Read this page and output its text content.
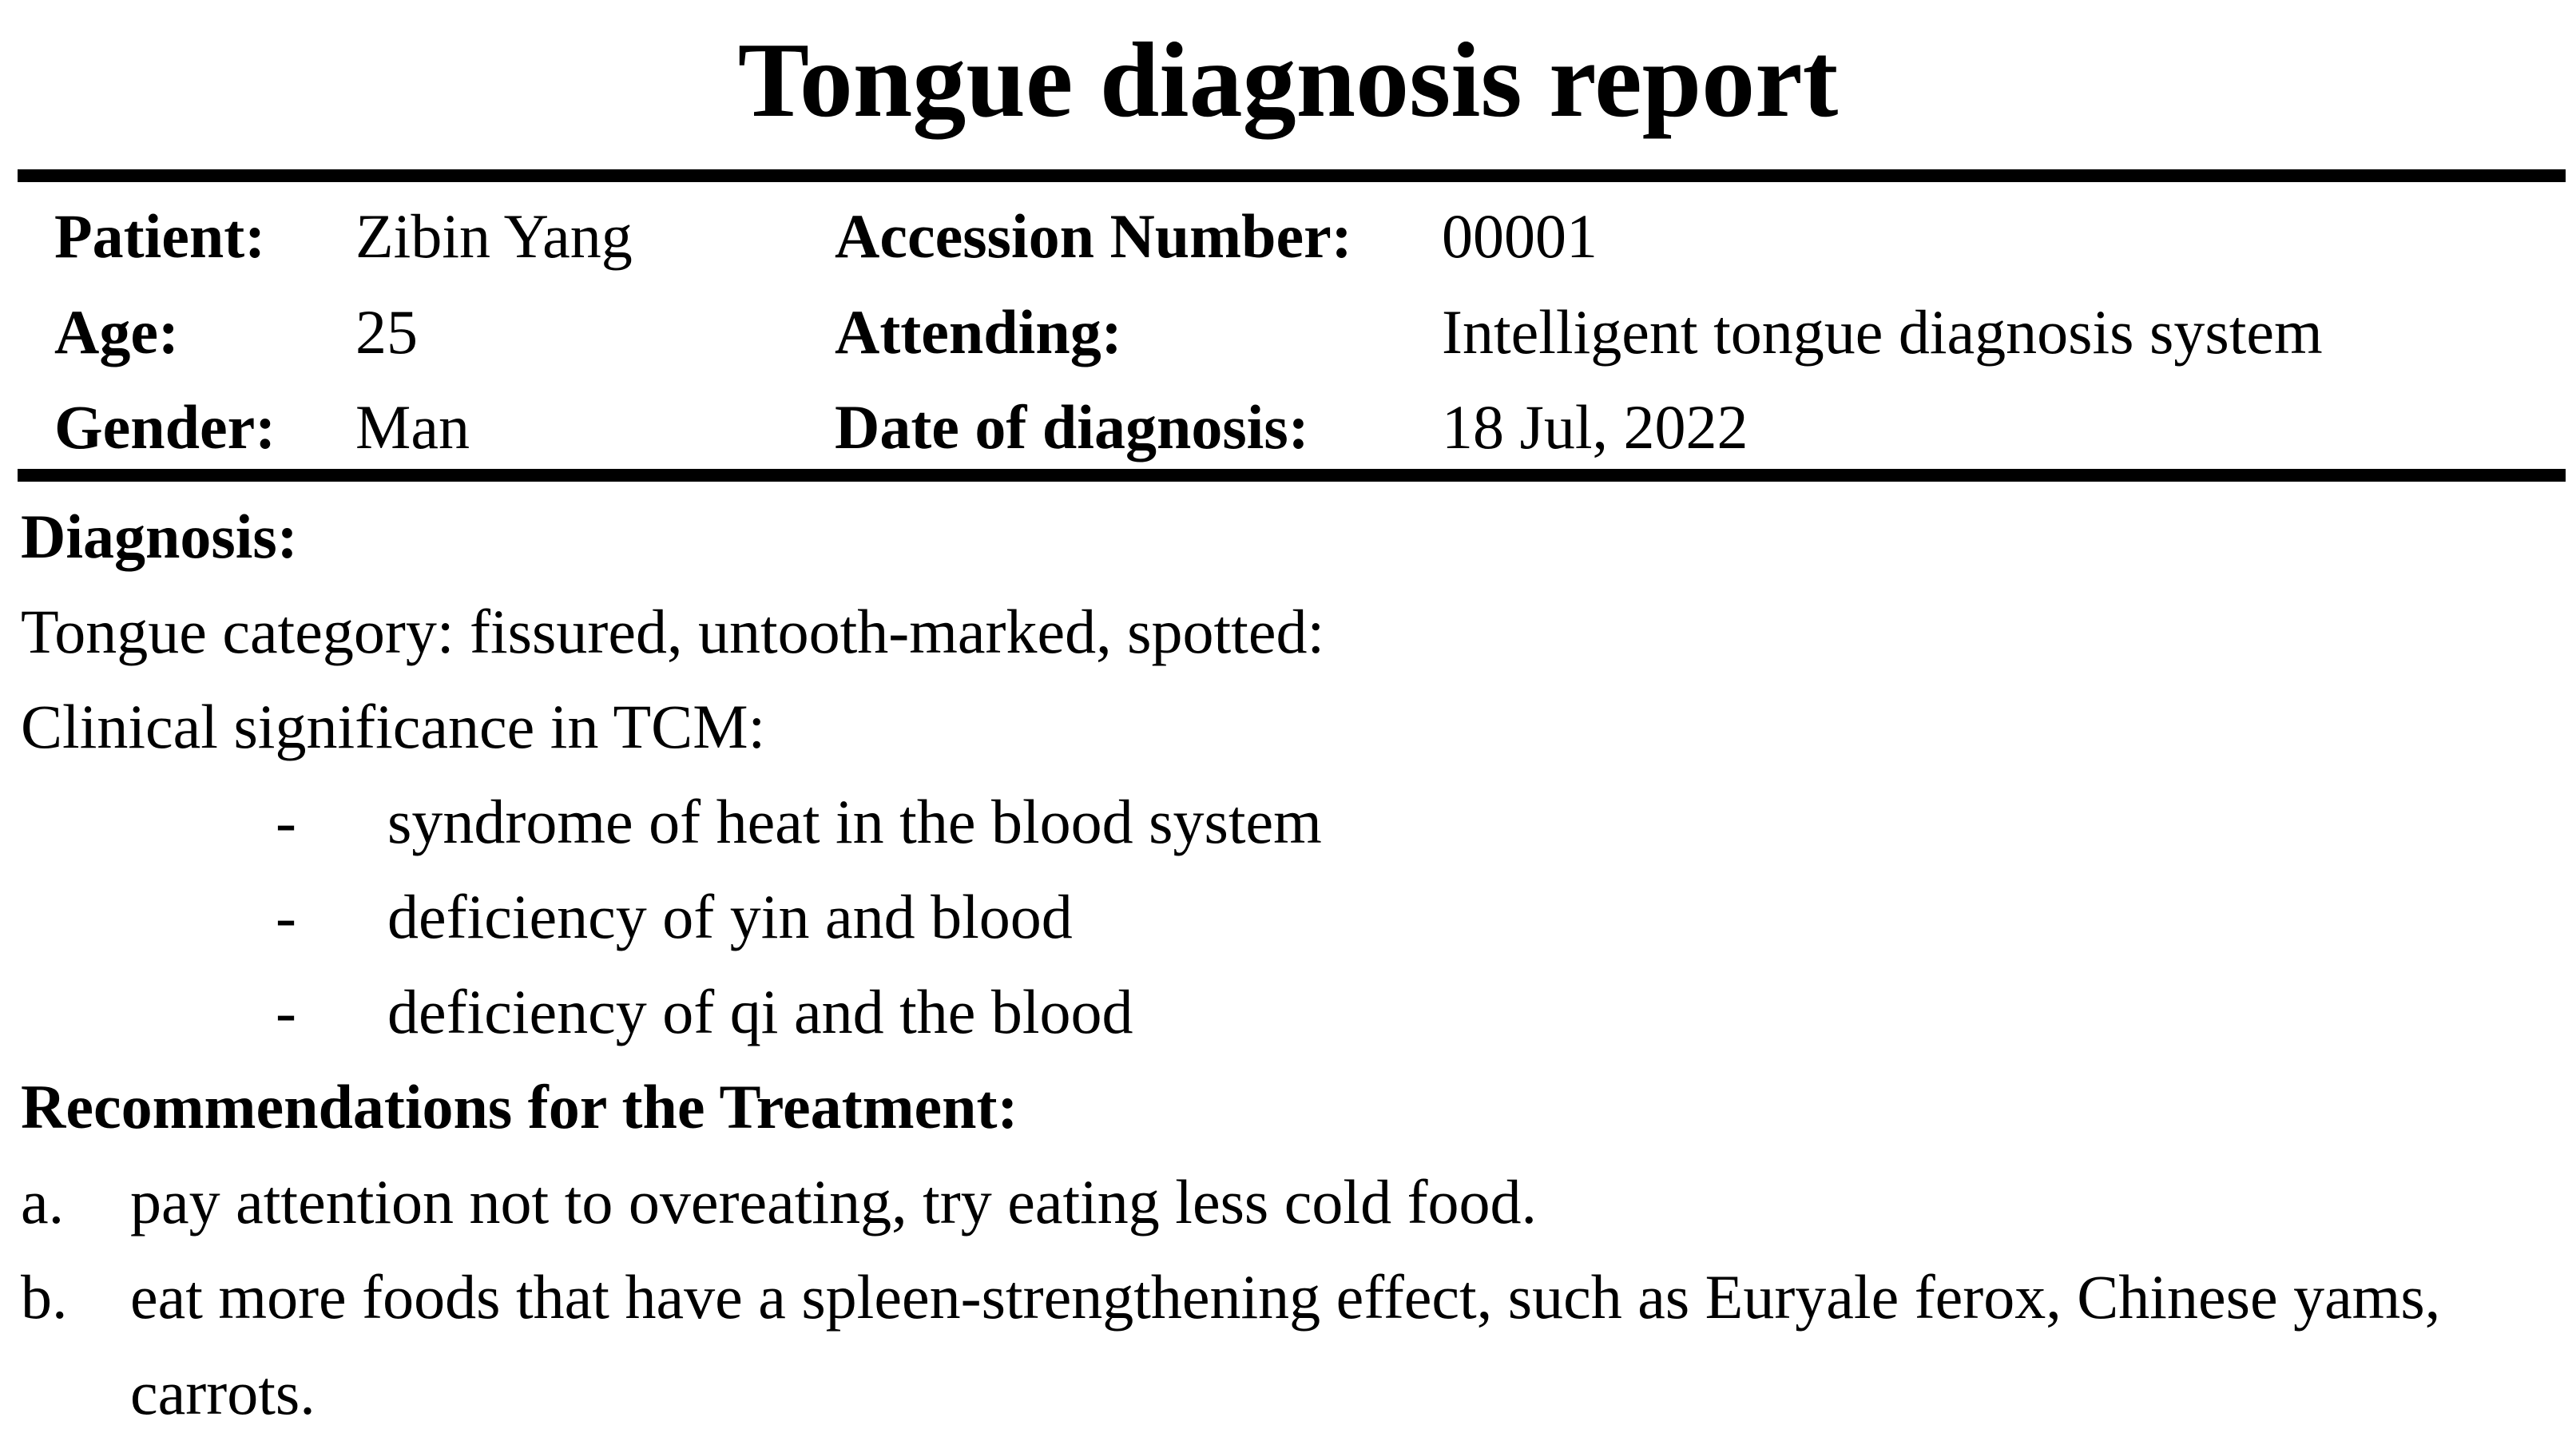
Tongue diagnosis report
Patient: Zibin Yang	Accession Number: 00001
Age:	25	Attending:	Intelligent tongue diagnosis system
Gender: Man	Date of diagnosis: 18 Jul, 2022
Diagnosis:
Tongue category: fissured, untooth-marked, spotted:
Clinical significance in TCM:
- syndrome of heat in the blood system
- deficiency of yin and blood
- deficiency of qi and the blood
Recommendations for the Treatment:
a. pay attention not to overeating, try eating less cold food.
b. eat more foods that have a spleen-strengthening effect, such as Euryale ferox, Chinese yams, carrots.
